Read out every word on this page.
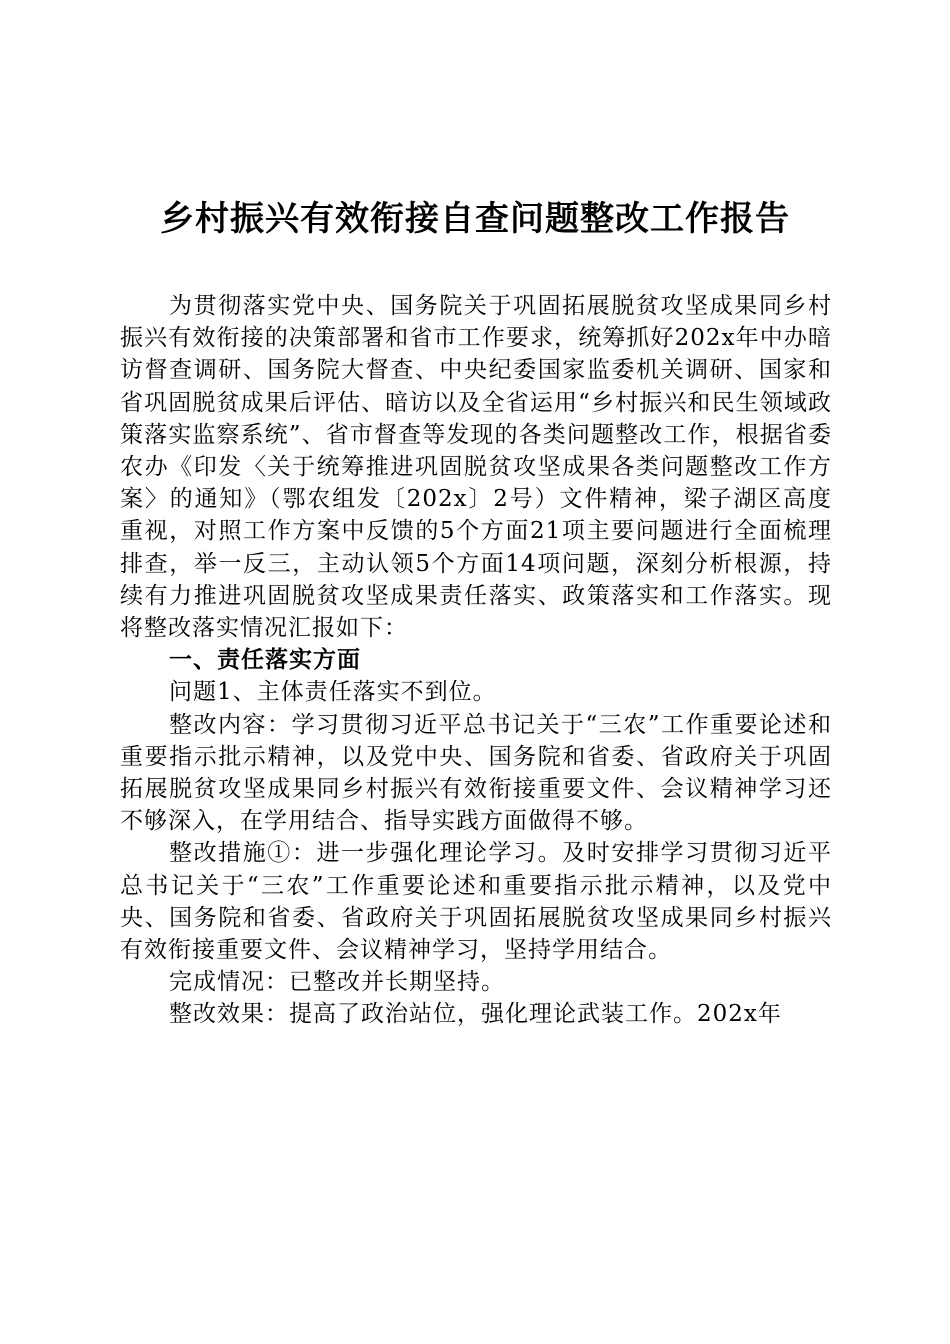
乡村振兴有效衔接自查问题整改工作报告

为贯彻落实党中央、国务院关于巩固拓展脱贫攻坚成果同乡村振兴有效衔接的决策部署和省市工作要求，统筹抓好202x年中办暗访督查调研、国务院大督查、中央纪委国家监委机关调研、国家和省巩固脱贫成果后评估、暗访以及全省运用“乡村振兴和民生领域政策落实监察系统”、省市督查等发现的各类问题整改工作，根据省委农办《印发〈关于统筹推进巩固脱贫攻坚成果各类问题整改工作方案〉的通知》（鄂农组发〔202x〕2号）文件精神，梁子湖区高度重视，对照工作方案中反馈的5个方面21项主要问题进行全面梳理排查，举一反三，主动认领5个方面14项问题，深刻分析根源，持续有力推进巩固脱贫攻坚成果责任落实、政策落实和工作落实。现将整改落实情况汇报如下：

一、责任落实方面

问题1、主体责任落实不到位。

整改内容：学习贯彻习近平总书记关于“三农”工作重要论述和重要指示批示精神，以及党中央、国务院和省委、省政府关于巩固拓展脱贫攻坚成果同乡村振兴有效衔接重要文件、会议精神学习还不够深入，在学用结合、指导实践方面做得不够。

整改措施①：进一步强化理论学习。及时安排学习贯彻习近平总书记关于“三农”工作重要论述和重要指示批示精神，以及党中央、国务院和省委、省政府关于巩固拓展脱贫攻坚成果同乡村振兴有效衔接重要文件、会议精神学习，坚持学用结合。

完成情况：已整改并长期坚持。

整改效果：提高了政治站位，强化理论武装工作。202x年
